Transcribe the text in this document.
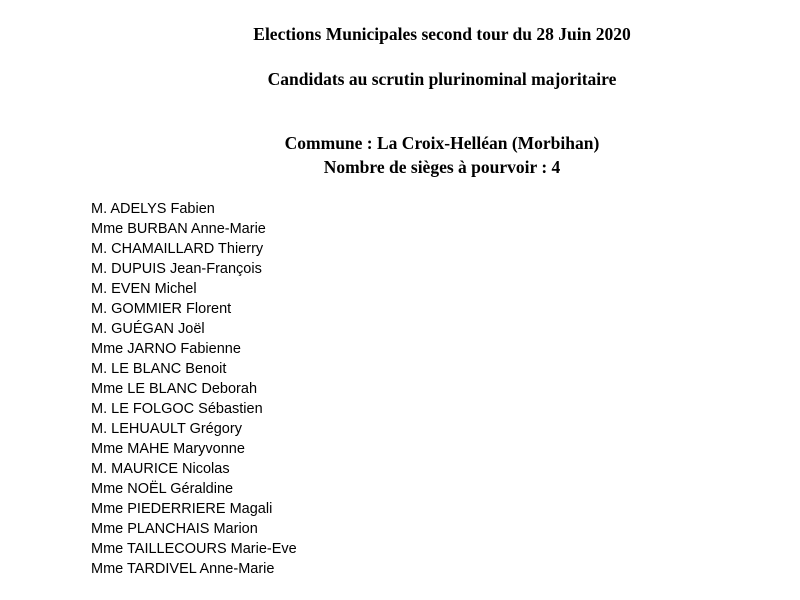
Elections Municipales second tour du 28 Juin 2020
Candidats au scrutin plurinominal majoritaire
Commune : La Croix-Helléan (Morbihan)
Nombre de sièges à pourvoir : 4
M. ADELYS Fabien
Mme BURBAN Anne-Marie
M. CHAMAILLARD Thierry
M. DUPUIS Jean-François
M. EVEN Michel
M. GOMMIER Florent
M. GUÉGAN Joël
Mme JARNO Fabienne
M. LE BLANC Benoit
Mme LE BLANC Deborah
M. LE FOLGOC Sébastien
M. LEHUAULT Grégory
Mme MAHE Maryvonne
M. MAURICE Nicolas
Mme NOËL Géraldine
Mme PIEDERRIERE Magali
Mme PLANCHAIS Marion
Mme TAILLECOURS Marie-Eve
Mme TARDIVEL Anne-Marie
